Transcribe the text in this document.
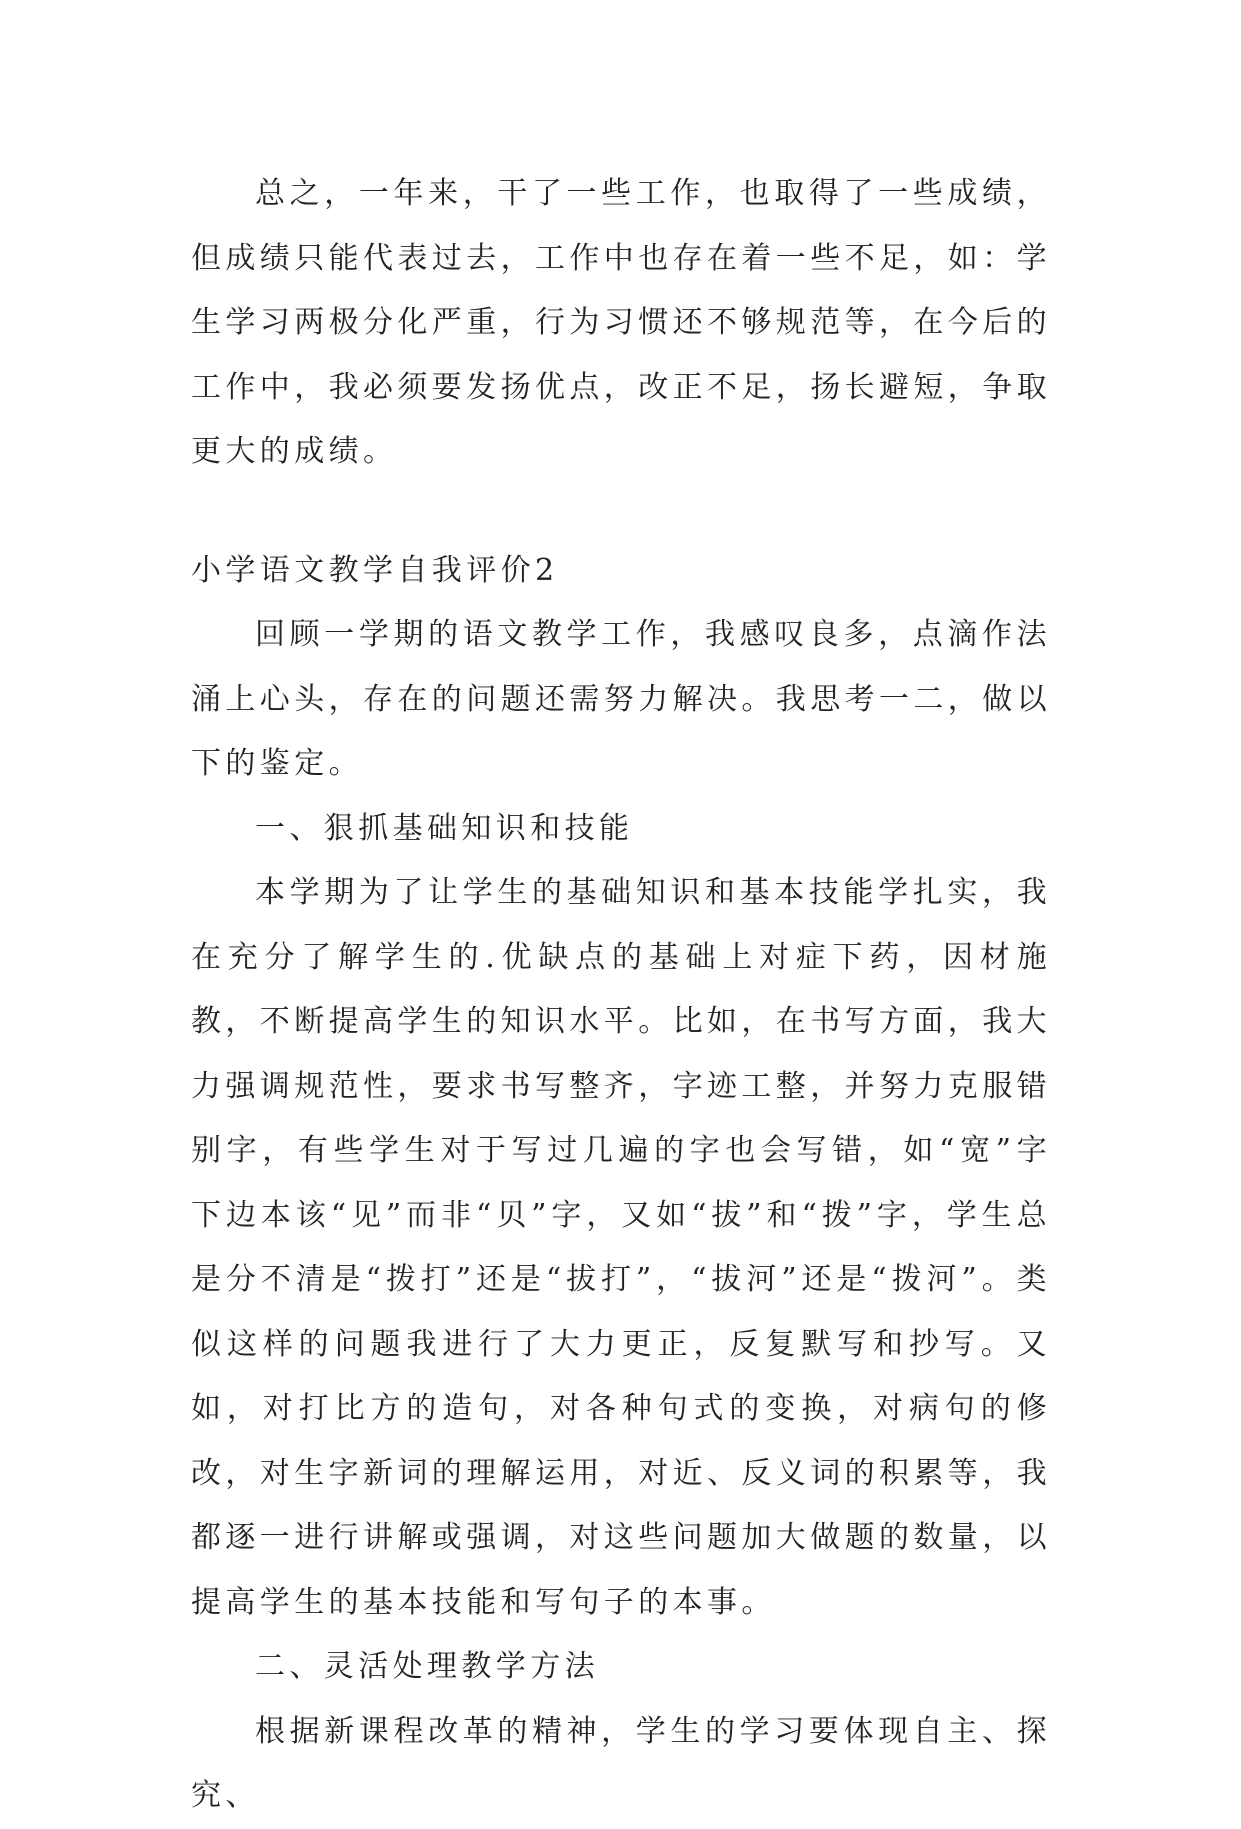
总之，一年来，干了一些工作，也取得了一些成绩，但成绩只能代表过去，工作中也存在着一些不足，如：学生学习两极分化严重，行为习惯还不够规范等，在今后的工作中，我必须要发扬优点，改正不足，扬长避短，争取更大的成绩。

小学语文教学自我评价2

回顾一学期的语文教学工作，我感叹良多，点滴作法涌上心头，存在的问题还需努力解决。我思考一二，做以下的鉴定。

一、狠抓基础知识和技能

本学期为了让学生的基础知识和基本技能学扎实，我在充分了解学生的.优缺点的基础上对症下药，因材施教，不断提高学生的知识水平。比如，在书写方面，我大力强调规范性，要求书写整齐，字迹工整，并努力克服错别字，有些学生对于写过几遍的字也会写错，如“宽”字下边本该“见”而非“贝”字，又如“拔”和“拨”字，学生总是分不清是“拨打”还是“拔打”，“拔河”还是“拨河”。类似这样的问题我进行了大力更正，反复默写和抄写。又如，对打比方的造句，对各种句式的变换，对病句的修改，对生字新词的理解运用，对近、反义词的积累等，我都逐一进行讲解或强调，对这些问题加大做题的数量，以提高学生的基本技能和写句子的本事。

二、灵活处理教学方法

根据新课程改革的精神，学生的学习要体现自主、探究、
